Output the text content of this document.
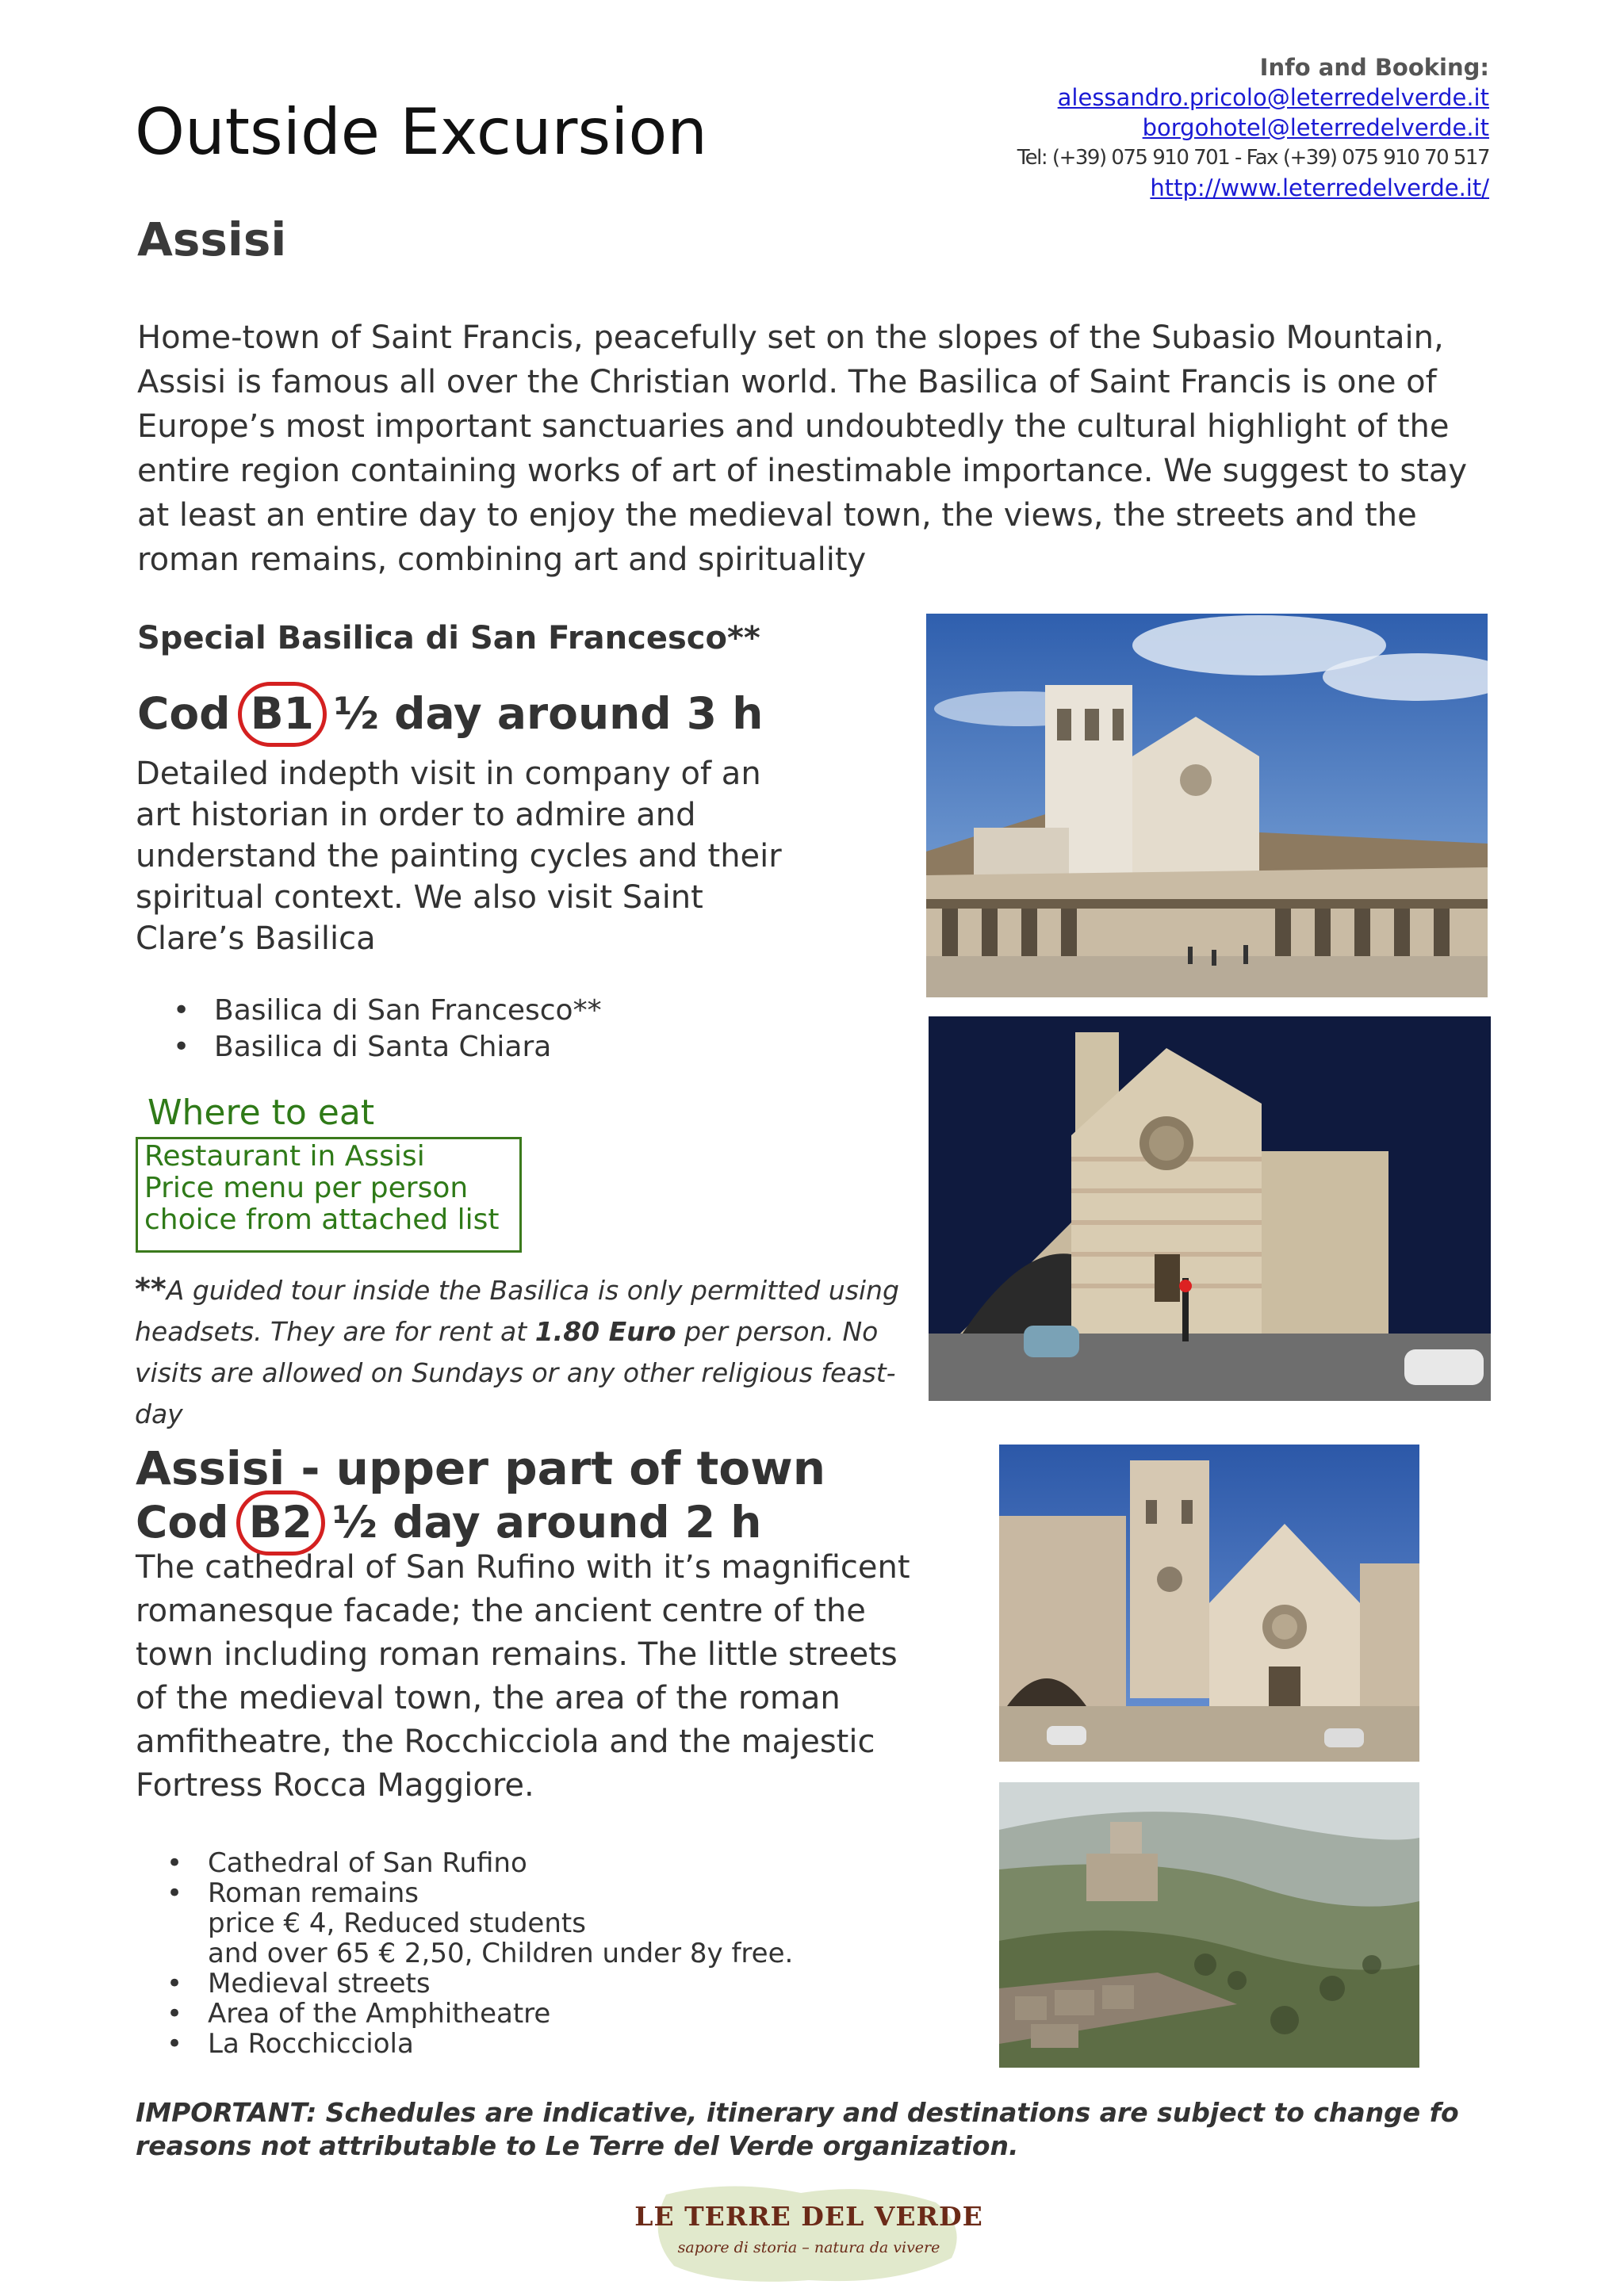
Outside Excursion
Info and Booking:
alessandro.pricolo@leterredelverde.it
borgohotel@leterredelverde.it
Tel: (+39) 075 910 701 - Fax (+39) 075 910 70 517
http://www.leterredelverde.it/
Assisi
Home-town of Saint Francis, peacefully set on the slopes of the Subasio Mountain, Assisi is famous all over the Christian world. The Basilica of Saint Francis is one of Europe’s most important sanctuaries and undoubtedly the cultural highlight of the entire region containing works of art of inestimable importance. We suggest to stay at least an entire day to enjoy the medieval town, the views, the streets and the roman remains, combining art and spirituality
Special Basilica di San Francesco**
Cod B1 ½ day around 3 h
Detailed indepth visit in company of an art historian in order to admire and understand the painting cycles and their spiritual context. We also visit Saint Clare’s Basilica
• Basilica di San Francesco**
• Basilica di Santa Chiara
Where to eat
Restaurant in Assisi
Price menu per person
choice from attached list
**A guided tour inside the Basilica is only permitted using headsets. They are for rent at 1.80 Euro per person. No visits are allowed on Sundays or any other religious feast-day
Assisi - upper part of town
Cod B2 ½ day around 2 h
The cathedral of San Rufino with it’s magnificent romanesque facade; the ancient centre of the town including roman remains. The little streets of the medieval town, the area of the roman amfitheatre, the Rocchicciola and the majestic Fortress Rocca Maggiore.
• Cathedral of San Rufino
• Roman remains
price € 4, Reduced students
and over 65 € 2,50, Children under 8y free.
• Medieval streets
• Area of the Amphitheatre
• La Rocchicciola
IMPORTANT: Schedules are indicative, itinerary and destinations are subject to change fo reasons not attributable to Le Terre del Verde organization.
LE TERRE DEL VERDE
sapore di storia – natura da vivere
